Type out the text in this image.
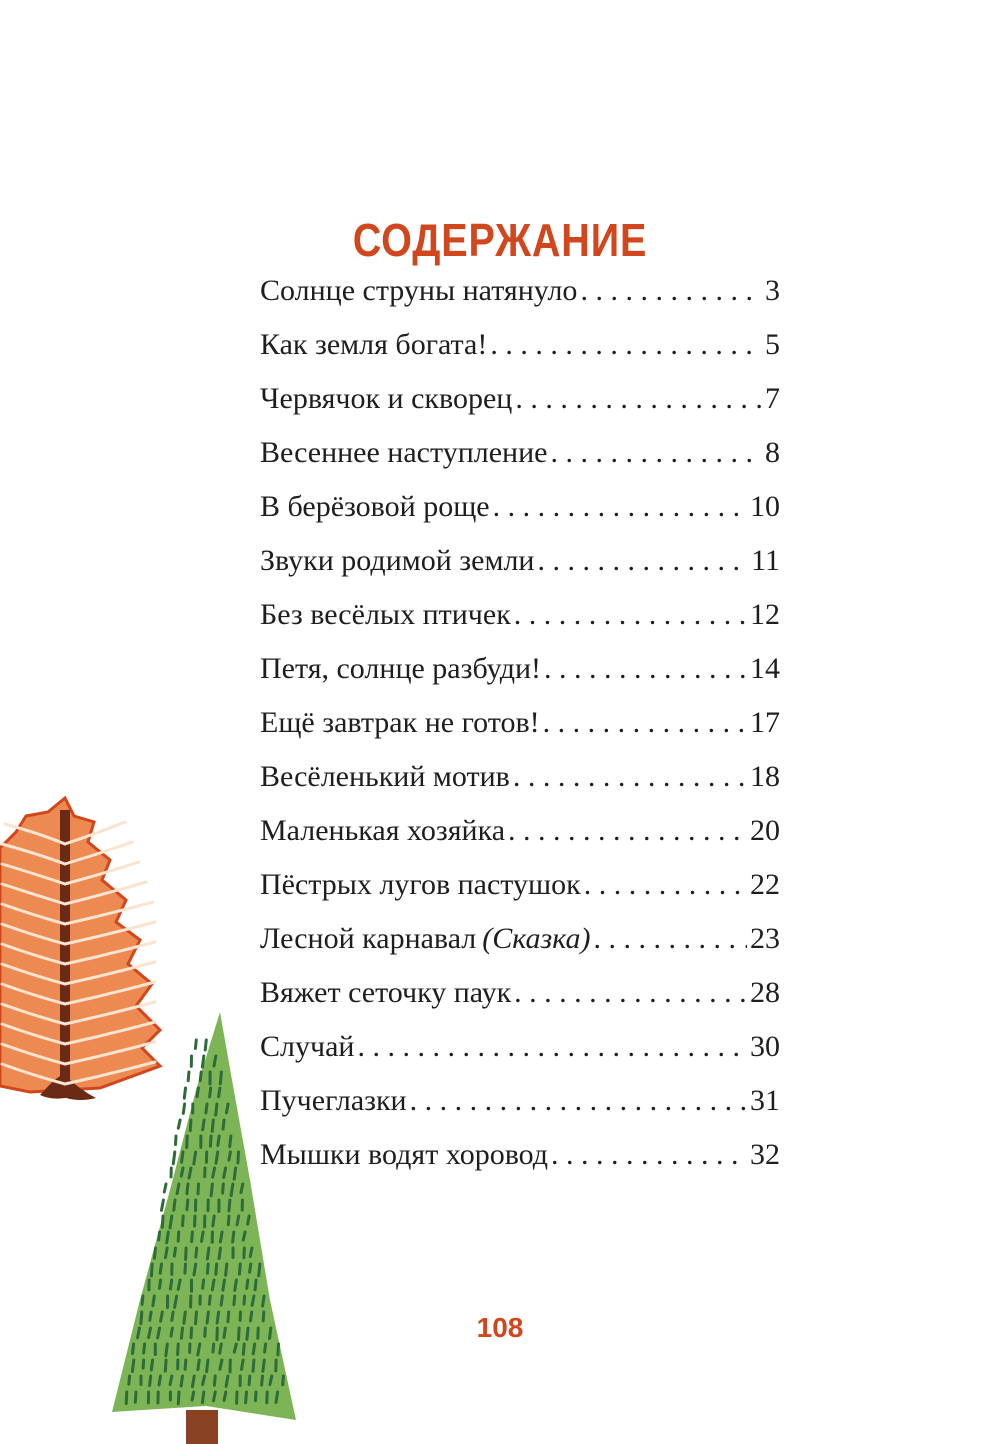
СОДЕРЖАНИЕ
Солнце струны натянуло . . .	3
Как земля богата! . . .	5
Червячок и скворец . . .	7
Весеннее наступление . . .	8
В берёзовой роще . . .	10
Звуки родимой земли . . .	11
Без весёлых птичек . . .	12
Петя, солнце разбуди! . . .	14
Ещё завтрак не готов! . . .	17
Весёленький мотив . . .	18
Маленькая хозяйка . . .	20
Пёстрых лугов пастушок . . .	22
Лесной карнавал (Сказка) . . .	23
Вяжет сеточку паук . . .	28
Случай . . .	30
Пучеглазки . . .	31
Мышки водят хоровод . . .	32
108
